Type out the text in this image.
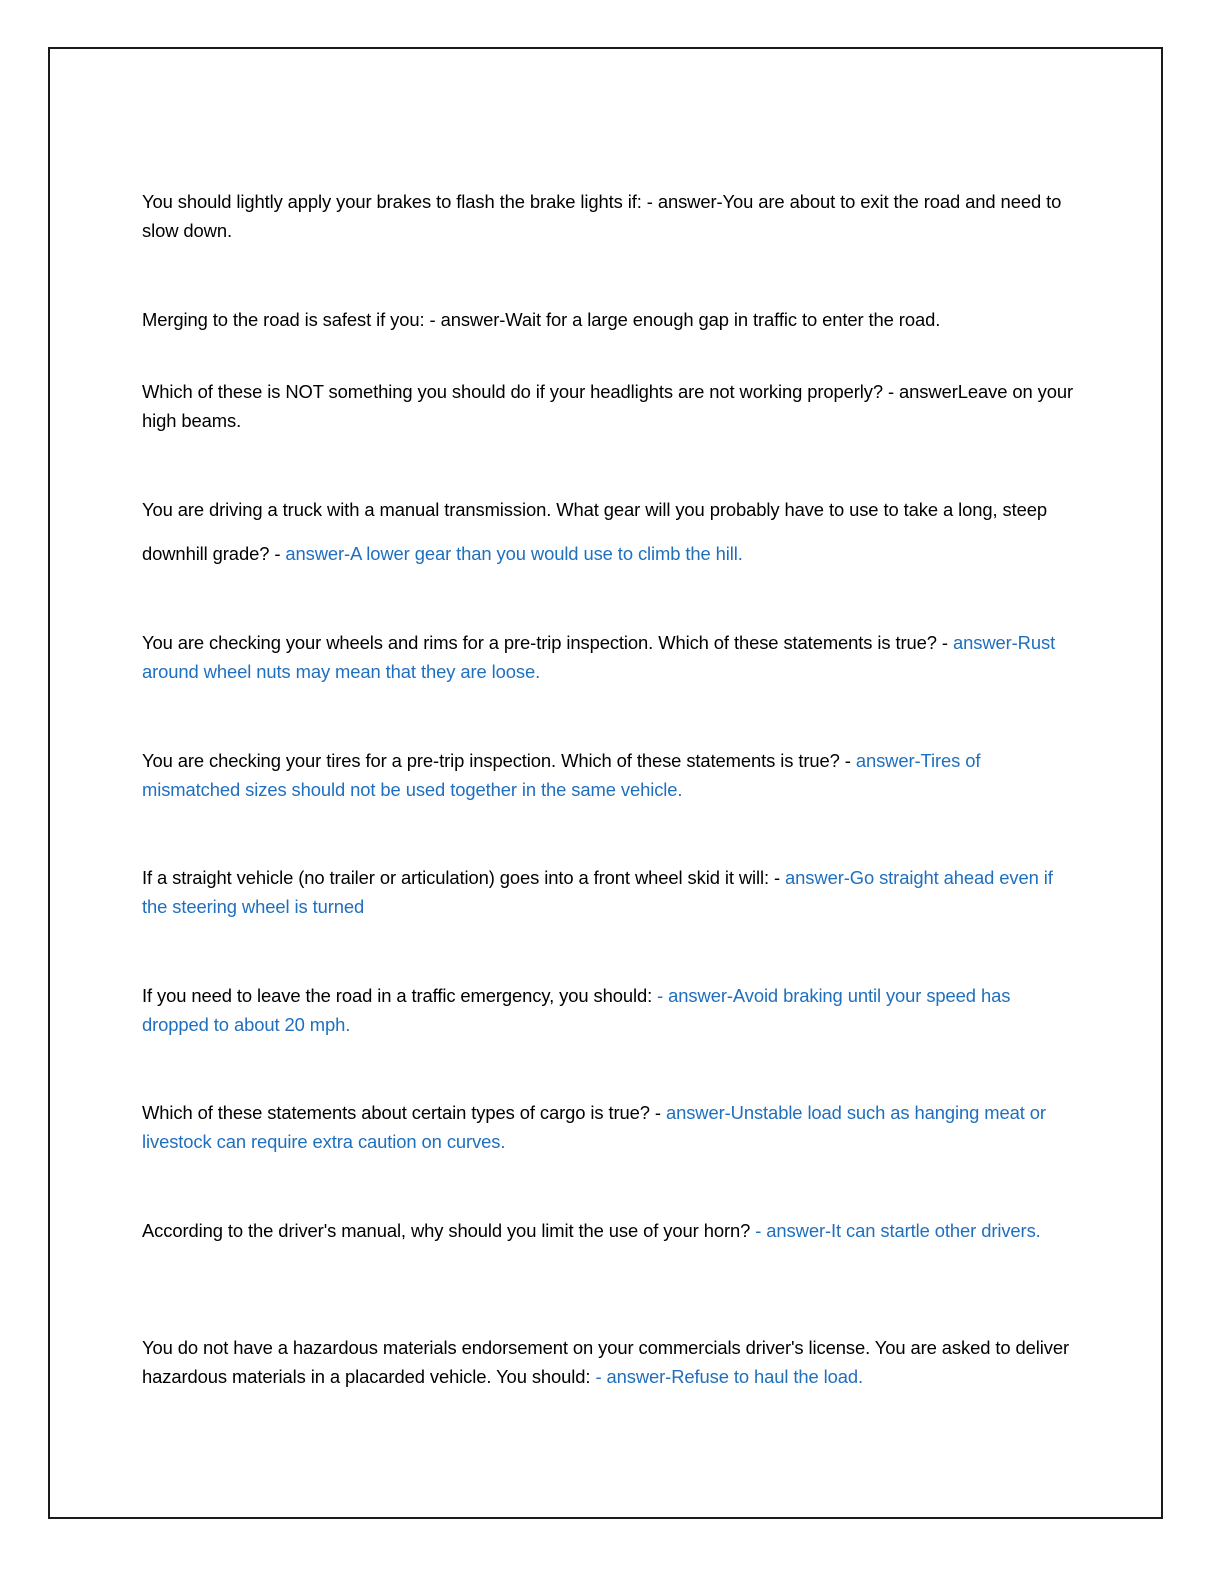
You should lightly apply your brakes to flash the brake lights if: - answer-You are about to exit the road and need to slow down.

Merging to the road is safest if you: - answer-Wait for a large enough gap in traffic to enter the road.

Which of these is NOT something you should do if your headlights are not working properly? - answerLeave on your high beams.

You are driving a truck with a manual transmission. What gear will you probably have to use to take a long, steep downhill grade? - answer-A lower gear than you would use to climb the hill.

You are checking your wheels and rims for a pre-trip inspection. Which of these statements is true? - answer-Rust around wheel nuts may mean that they are loose.

You are checking your tires for a pre-trip inspection. Which of these statements is true? - answer-Tires of mismatched sizes should not be used together in the same vehicle.

If a straight vehicle (no trailer or articulation) goes into a front wheel skid it will: - answer-Go straight ahead even if the steering wheel is turned

If you need to leave the road in a traffic emergency, you should: - answer-Avoid braking until your speed has dropped to about 20 mph.

Which of these statements about certain types of cargo is true? - answer-Unstable load such as hanging meat or livestock can require extra caution on curves.

According to the driver's manual, why should you limit the use of your horn? - answer-It can startle other drivers.

You do not have a hazardous materials endorsement on your commercials driver's license. You are asked to deliver hazardous materials in a placarded vehicle. You should: - answer-Refuse to haul the load.
